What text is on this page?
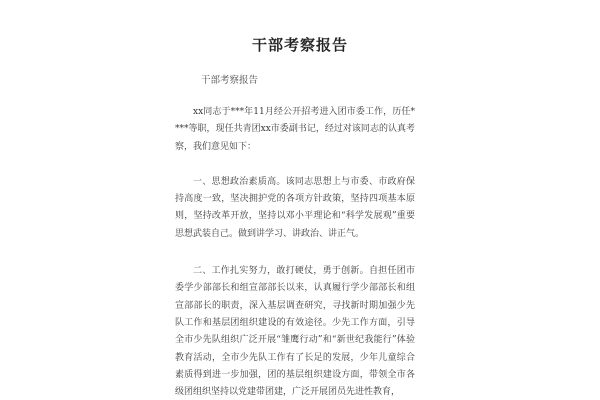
干部考察报告
干部考察报告

xx同志于***年11月经公开招考进入团市委工作，历任****等职，现任共青团xx市委副书记，经过对该同志的认真考察，我们意见如下：

一、思想政治素质高。该同志思想上与市委、市政府保持高度一致，坚决拥护党的各项方针政策，坚持四项基本原则，坚持改革开放，坚持以邓小平理论和“科学发展观”重要思想武装自己。做到讲学习、讲政治、讲正气。

二、工作扎实努力，敢打硬仗，勇于创新。自担任团市委学少部部长和组宣部部长以来，认真履行学少部部长和组宣部部长的职责，深入基层调查研究，寻找新时期加强少先队工作和基层团组织建设的有效途径。少先工作方面，引导全市少先队组织广泛开展“雏鹰行动”和“新世纪我能行”体验教育活动，全市少先队工作有了长足的发展，少年儿童综合素质得到进一步加强，团的基层组织建设方面，带领全市各级团组织坚持以党建带团建，广泛开展团员先进性教育，
